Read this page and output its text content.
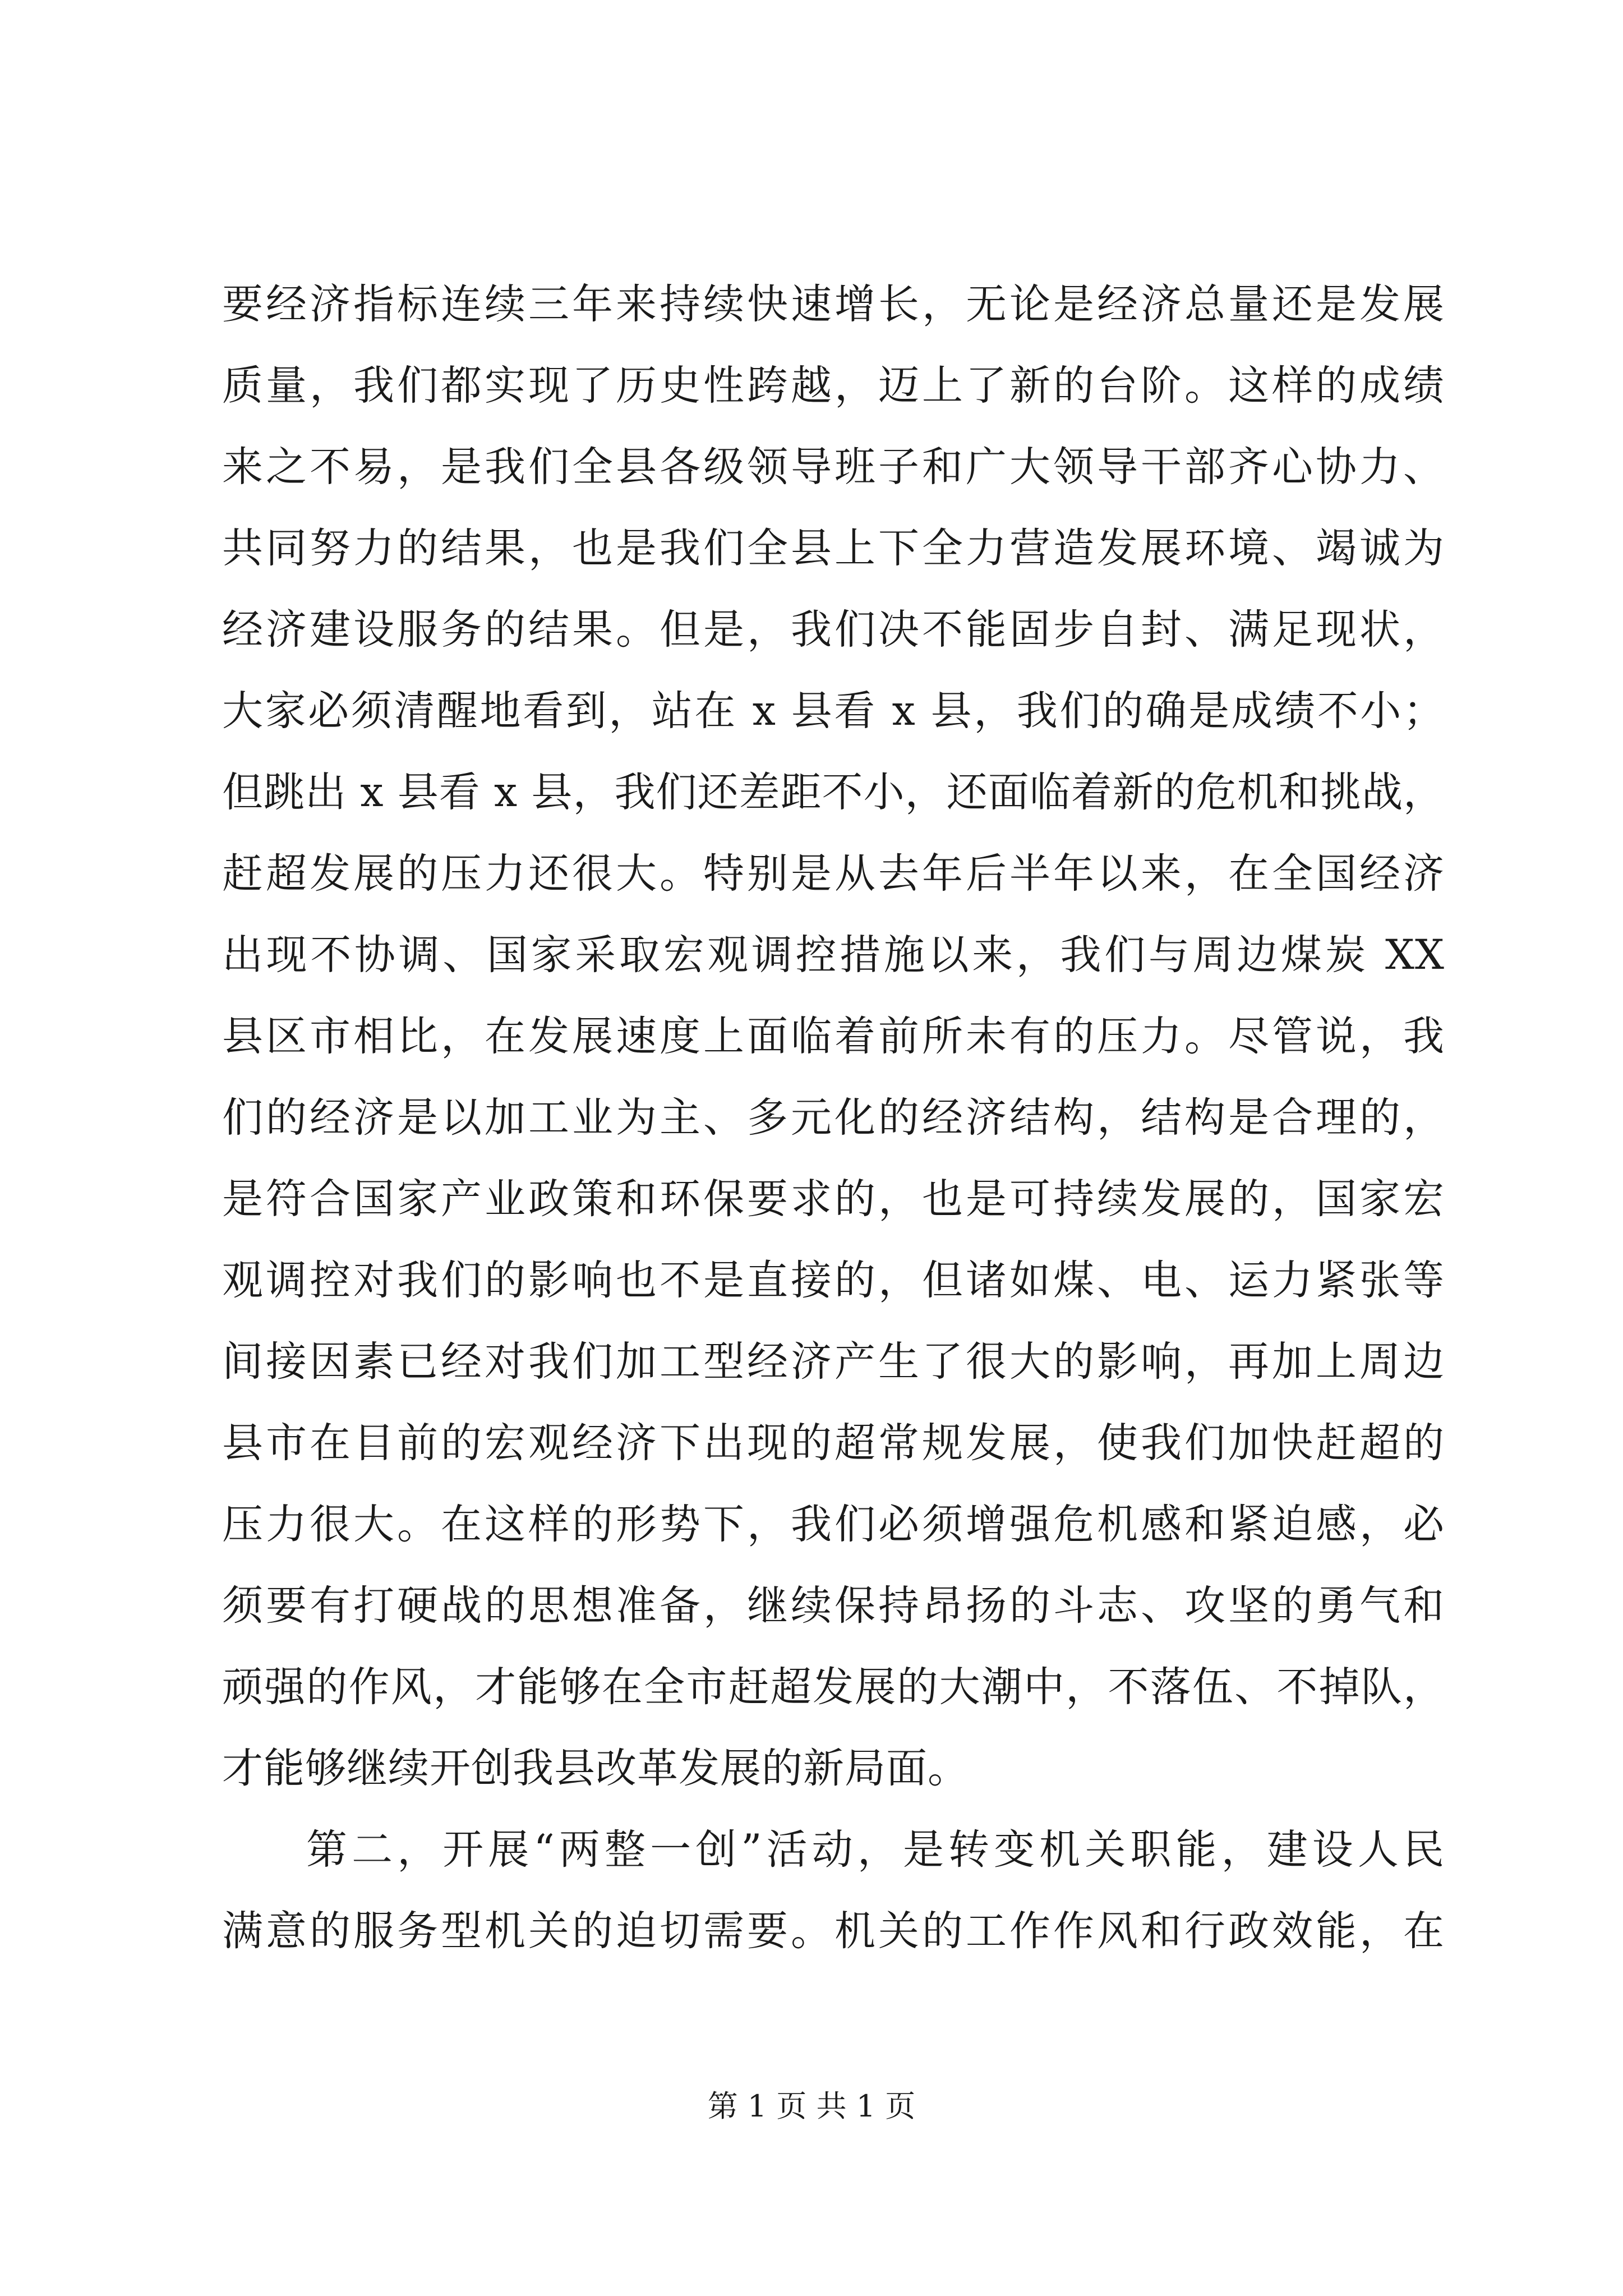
要经济指标连续三年来持续快速增长，无论是经济总量还是发展
质量，我们都实现了历史性跨越，迈上了新的台阶。这样的成绩
来之不易，是我们全县各级领导班子和广大领导干部齐心协力、
共同努力的结果，也是我们全县上下全力营造发展环境、竭诚为
经济建设服务的结果。但是，我们决不能固步自封、满足现状，
大家必须清醒地看到，站在 x 县看 x 县，我们的确是成绩不小；
但跳出 x 县看 x 县，我们还差距不小，还面临着新的危机和挑战，
赶超发展的压力还很大。特别是从去年后半年以来，在全国经济
出现不协调、国家采取宏观调控措施以来，我们与周边煤炭 XX
县区市相比，在发展速度上面临着前所未有的压力。尽管说，我
们的经济是以加工业为主、多元化的经济结构，结构是合理的，
是符合国家产业政策和环保要求的，也是可持续发展的，国家宏
观调控对我们的影响也不是直接的，但诸如煤、电、运力紧张等
间接因素已经对我们加工型经济产生了很大的影响，再加上周边
县市在目前的宏观经济下出现的超常规发展，使我们加快赶超的
压力很大。在这样的形势下，我们必须增强危机感和紧迫感，必
须要有打硬战的思想准备，继续保持昂扬的斗志、攻坚的勇气和
顽强的作风，才能够在全市赶超发展的大潮中，不落伍、不掉队，
才能够继续开创我县改革发展的新局面。
第二，开展“两整一创”活动，是转变机关职能，建设人民
满意的服务型机关的迫切需要。机关的工作作风和行政效能，在
第 1 页 共 1 页
